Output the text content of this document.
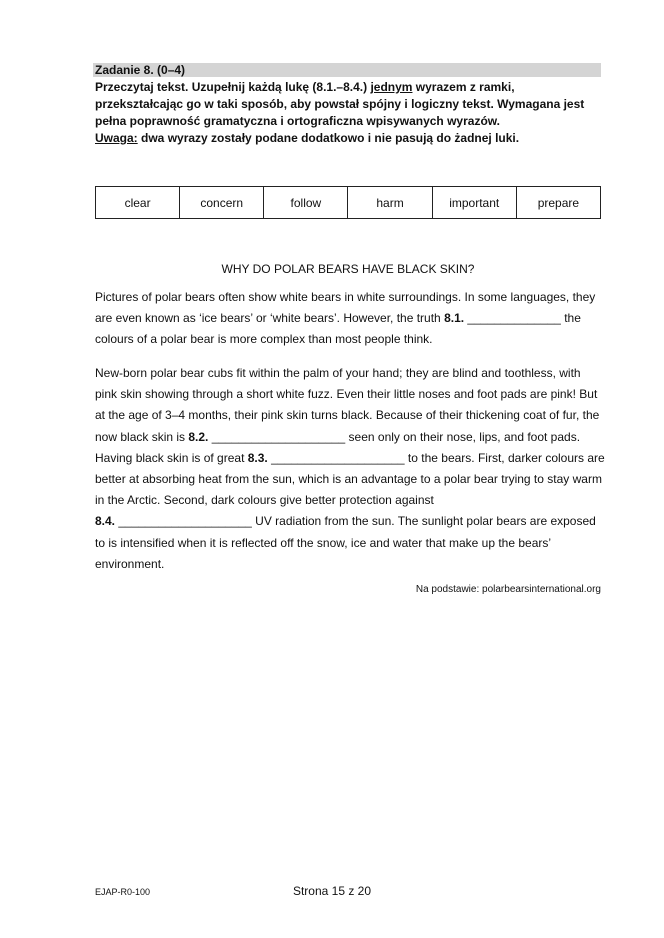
Zadanie 8. (0–4)
Przeczytaj tekst. Uzupełnij każdą lukę (8.1.–8.4.) jednym wyrazem z ramki, przekształcając go w taki sposób, aby powstał spójny i logiczny tekst. Wymagana jest pełna poprawność gramatyczna i ortograficzna wpisywanych wyrazów.
Uwaga: dwa wyrazy zostały podane dodatkowo i nie pasują do żadnej luki.
clear	concern	follow	harm	important	prepare
WHY DO POLAR BEARS HAVE BLACK SKIN?
Pictures of polar bears often show white bears in white surroundings. In some languages, they are even known as ‘ice bears’ or ‘white bears’. However, the truth 8.1. ______________ the colours of a polar bear is more complex than most people think.
New-born polar bear cubs fit within the palm of your hand; they are blind and toothless, with pink skin showing through a short white fuzz. Even their little noses and foot pads are pink! But at the age of 3–4 months, their pink skin turns black. Because of their thickening coat of fur, the now black skin is 8.2. ____________________ seen only on their nose, lips, and foot pads. Having black skin is of great 8.3. ____________________ to the bears. First, darker colours are better at absorbing heat from the sun, which is an advantage to a polar bear trying to stay warm in the Arctic. Second, dark colours give better protection against
8.4. ____________________ UV radiation from the sun. The sunlight polar bears are exposed to is intensified when it is reflected off the snow, ice and water that make up the bears’ environment.
Na podstawie: polarbearsinternational.org
EJAP-R0-100	Strona 15 z 20
